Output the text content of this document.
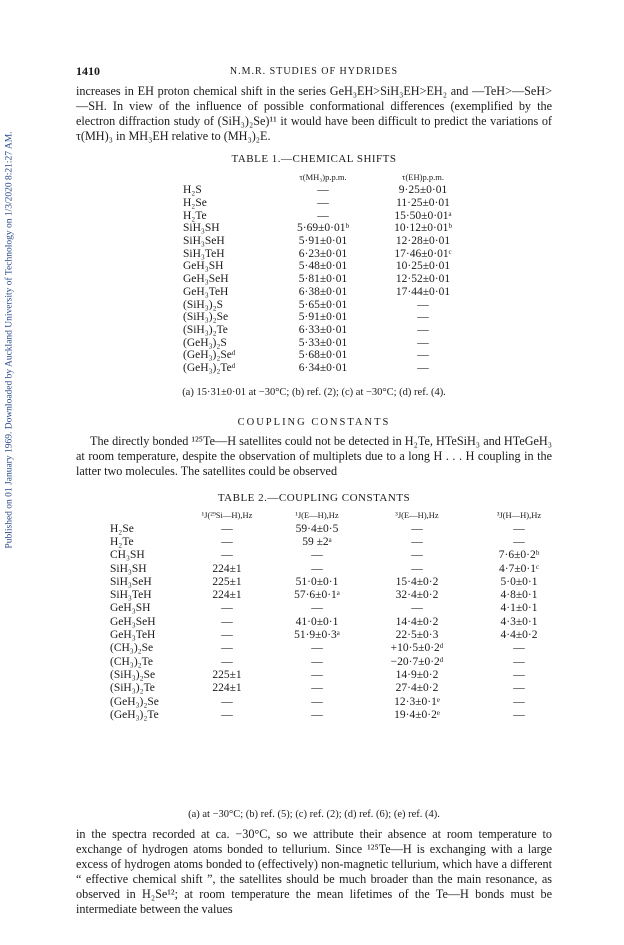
Published on 01 January 1969. Downloaded by Auckland University of Technology on 1/3/2020 8:21:27 AM.
1410	N.M.R. STUDIES OF HYDRIDES
increases in EH proton chemical shift in the series GeH₃EH>SiH₃EH>EH₂ and —TeH>—SeH>—SH. In view of the influence of possible conformational differences (exemplified by the electron diffraction study of (SiH₃)₂Se)¹¹ it would have been difficult to predict the variations of τ(MH)₃ in MH₃EH relative to (MH₃)₂E.
TABLE 1.—CHEMICAL SHIFTS
	τ(MH₃)p.p.m.	τ(EH)p.p.m.
H₂S	—	9·25±0·01
H₂Se	—	11·25±0·01
H₂Te	—	15·50±0·01ᵃ
SiH₃SH	5·69±0·01ᵇ	10·12±0·01ᵇ
SiH₃SeH	5·91±0·01	12·28±0·01
SiH₃TeH	6·23±0·01	17·46±0·01ᶜ
GeH₃SH	5·48±0·01	10·25±0·01
GeH₃SeH	5·81±0·01	12·52±0·01
GeH₃TeH	6·38±0·01	17·44±0·01
(SiH₃)₂S	5·65±0·01	—
(SiH₃)₂Se	5·91±0·01	—
(SiH₃)₂Te	6·33±0·01	—
(GeH₃)₂S	5·33±0·01	—
(GeH₃)₂Seᵈ	5·68±0·01	—
(GeH₃)₂Teᵈ	6·34±0·01	—
(a) 15·31±0·01 at −30°C; (b) ref. (2); (c) at −30°C; (d) ref. (4).
COUPLING CONSTANTS
The directly bonded ¹²⁵Te—H satellites could not be detected in H₂Te, HTeSiH₃ and HTeGeH₃ at room temperature, despite the observation of multiplets due to a long H . . . H coupling in the latter two molecules. The satellites could be observed
TABLE 2.—COUPLING CONSTANTS
	¹J(²⁹Si—H),Hz	¹J(E—H),Hz	³J(E—H),Hz	³J(H—H),Hz
H₂Se	—	59·4±0·5	—	—
H₂Te	—	59 ±2ᵃ	—	—
CH₃SH	—	—	—	7·6±0·2ᵇ
SiH₃SH	224±1	—	—	4·7±0·1ᶜ
SiH₃SeH	225±1	51·0±0·1	15·4±0·2	5·0±0·1
SiH₃TeH	224±1	57·6±0·1ᵃ	32·4±0·2	4·8±0·1
GeH₃SH	—	—	—	4·1±0·1
GeH₃SeH	—	41·0±0·1	14·4±0·2	4·3±0·1
GeH₃TeH	—	51·9±0·3ᵃ	22·5±0·3	4·4±0·2
(CH₃)₂Se	—	—	+10·5±0·2ᵈ	—
(CH₃)₂Te	—	—	−20·7±0·2ᵈ	—
(SiH₃)₂Se	225±1	—	14·9±0·2	—
(SiH₃)₂Te	224±1	—	27·4±0·2	—
(GeH₃)₂Se	—	—	12·3±0·1ᵉ	—
(GeH₃)₂Te	—	—	19·4±0·2ᵉ	—
(a) at −30°C; (b) ref. (5); (c) ref. (2); (d) ref. (6); (e) ref. (4).
in the spectra recorded at ca. −30°C, so we attribute their absence at room temperature to exchange of hydrogen atoms bonded to tellurium. Since ¹²⁵Te—H is exchanging with a large excess of hydrogen atoms bonded to (effectively) non-magnetic tellurium, which have a different “ effective chemical shift ”, the satellites should be much broader than the main resonance, as observed in H₂Se¹²; at room temperature the mean lifetimes of the Te—H bonds must be intermediate between the values
